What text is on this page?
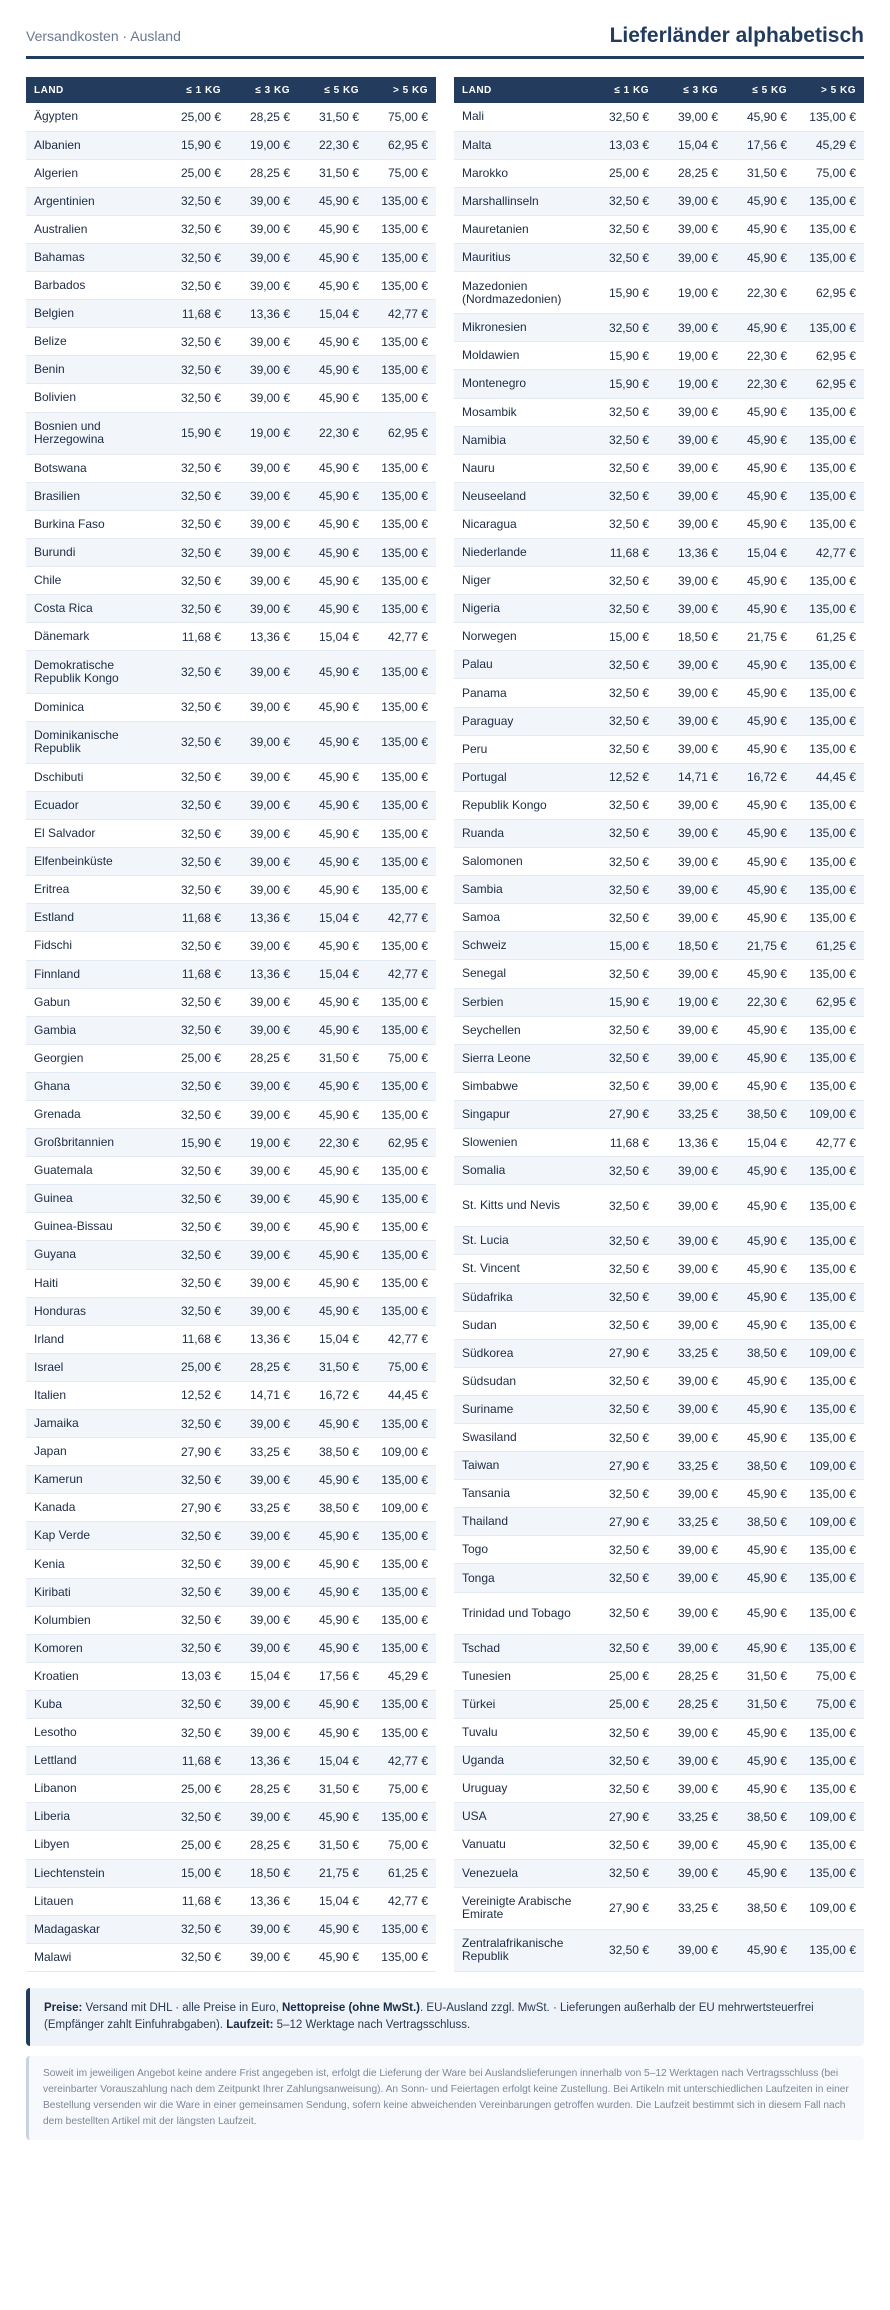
Versandkosten · Ausland	Lieferländer alphabetisch
LAND	≤ 1 KG	≤ 3 KG	≤ 5 KG	> 5 KG
Ägypten	25,00 €	28,25 €	31,50 €	75,00 €
Albanien	15,90 €	19,00 €	22,30 €	62,95 €
Algerien	25,00 €	28,25 €	31,50 €	75,00 €
Argentinien	32,50 €	39,00 €	45,90 €	135,00 €
Australien	32,50 €	39,00 €	45,90 €	135,00 €
Bahamas	32,50 €	39,00 €	45,90 €	135,00 €
Barbados	32,50 €	39,00 €	45,90 €	135,00 €
Belgien	11,68 €	13,36 €	15,04 €	42,77 €
Belize	32,50 €	39,00 €	45,90 €	135,00 €
Benin	32,50 €	39,00 €	45,90 €	135,00 €
Bolivien	32,50 €	39,00 €	45,90 €	135,00 €
Bosnien und Herzegowina	15,90 €	19,00 €	22,30 €	62,95 €
Botswana	32,50 €	39,00 €	45,90 €	135,00 €
Brasilien	32,50 €	39,00 €	45,90 €	135,00 €
Burkina Faso	32,50 €	39,00 €	45,90 €	135,00 €
Burundi	32,50 €	39,00 €	45,90 €	135,00 €
Chile	32,50 €	39,00 €	45,90 €	135,00 €
Costa Rica	32,50 €	39,00 €	45,90 €	135,00 €
Dänemark	11,68 €	13,36 €	15,04 €	42,77 €
Demokratische Republik Kongo	32,50 €	39,00 €	45,90 €	135,00 €
Dominica	32,50 €	39,00 €	45,90 €	135,00 €
Dominikanische Republik	32,50 €	39,00 €	45,90 €	135,00 €
Dschibuti	32,50 €	39,00 €	45,90 €	135,00 €
Ecuador	32,50 €	39,00 €	45,90 €	135,00 €
El Salvador	32,50 €	39,00 €	45,90 €	135,00 €
Elfenbeinküste	32,50 €	39,00 €	45,90 €	135,00 €
Eritrea	32,50 €	39,00 €	45,90 €	135,00 €
Estland	11,68 €	13,36 €	15,04 €	42,77 €
Fidschi	32,50 €	39,00 €	45,90 €	135,00 €
Finnland	11,68 €	13,36 €	15,04 €	42,77 €
Gabun	32,50 €	39,00 €	45,90 €	135,00 €
Gambia	32,50 €	39,00 €	45,90 €	135,00 €
Georgien	25,00 €	28,25 €	31,50 €	75,00 €
Ghana	32,50 €	39,00 €	45,90 €	135,00 €
Grenada	32,50 €	39,00 €	45,90 €	135,00 €
Großbritannien	15,90 €	19,00 €	22,30 €	62,95 €
Guatemala	32,50 €	39,00 €	45,90 €	135,00 €
Guinea	32,50 €	39,00 €	45,90 €	135,00 €
Guinea-Bissau	32,50 €	39,00 €	45,90 €	135,00 €
Guyana	32,50 €	39,00 €	45,90 €	135,00 €
Haiti	32,50 €	39,00 €	45,90 €	135,00 €
Honduras	32,50 €	39,00 €	45,90 €	135,00 €
Irland	11,68 €	13,36 €	15,04 €	42,77 €
Israel	25,00 €	28,25 €	31,50 €	75,00 €
Italien	12,52 €	14,71 €	16,72 €	44,45 €
Jamaika	32,50 €	39,00 €	45,90 €	135,00 €
Japan	27,90 €	33,25 €	38,50 €	109,00 €
Kamerun	32,50 €	39,00 €	45,90 €	135,00 €
Kanada	27,90 €	33,25 €	38,50 €	109,00 €
Kap Verde	32,50 €	39,00 €	45,90 €	135,00 €
Kenia	32,50 €	39,00 €	45,90 €	135,00 €
Kiribati	32,50 €	39,00 €	45,90 €	135,00 €
Kolumbien	32,50 €	39,00 €	45,90 €	135,00 €
Komoren	32,50 €	39,00 €	45,90 €	135,00 €
Kroatien	13,03 €	15,04 €	17,56 €	45,29 €
Kuba	32,50 €	39,00 €	45,90 €	135,00 €
Lesotho	32,50 €	39,00 €	45,90 €	135,00 €
Lettland	11,68 €	13,36 €	15,04 €	42,77 €
Libanon	25,00 €	28,25 €	31,50 €	75,00 €
Liberia	32,50 €	39,00 €	45,90 €	135,00 €
Libyen	25,00 €	28,25 €	31,50 €	75,00 €
Liechtenstein	15,00 €	18,50 €	21,75 €	61,25 €
Litauen	11,68 €	13,36 €	15,04 €	42,77 €
Madagaskar	32,50 €	39,00 €	45,90 €	135,00 €
Malawi	32,50 €	39,00 €	45,90 €	135,00 €
LAND	≤ 1 KG	≤ 3 KG	≤ 5 KG	> 5 KG
Mali	32,50 €	39,00 €	45,90 €	135,00 €
Malta	13,03 €	15,04 €	17,56 €	45,29 €
Marokko	25,00 €	28,25 €	31,50 €	75,00 €
Marshallinseln	32,50 €	39,00 €	45,90 €	135,00 €
Mauretanien	32,50 €	39,00 €	45,90 €	135,00 €
Mauritius	32,50 €	39,00 €	45,90 €	135,00 €
Mazedonien (Nordmazedonien)	15,90 €	19,00 €	22,30 €	62,95 €
Mikronesien	32,50 €	39,00 €	45,90 €	135,00 €
Moldawien	15,90 €	19,00 €	22,30 €	62,95 €
Montenegro	15,90 €	19,00 €	22,30 €	62,95 €
Mosambik	32,50 €	39,00 €	45,90 €	135,00 €
Namibia	32,50 €	39,00 €	45,90 €	135,00 €
Nauru	32,50 €	39,00 €	45,90 €	135,00 €
Neuseeland	32,50 €	39,00 €	45,90 €	135,00 €
Nicaragua	32,50 €	39,00 €	45,90 €	135,00 €
Niederlande	11,68 €	13,36 €	15,04 €	42,77 €
Niger	32,50 €	39,00 €	45,90 €	135,00 €
Nigeria	32,50 €	39,00 €	45,90 €	135,00 €
Norwegen	15,00 €	18,50 €	21,75 €	61,25 €
Palau	32,50 €	39,00 €	45,90 €	135,00 €
Panama	32,50 €	39,00 €	45,90 €	135,00 €
Paraguay	32,50 €	39,00 €	45,90 €	135,00 €
Peru	32,50 €	39,00 €	45,90 €	135,00 €
Portugal	12,52 €	14,71 €	16,72 €	44,45 €
Republik Kongo	32,50 €	39,00 €	45,90 €	135,00 €
Ruanda	32,50 €	39,00 €	45,90 €	135,00 €
Salomonen	32,50 €	39,00 €	45,90 €	135,00 €
Sambia	32,50 €	39,00 €	45,90 €	135,00 €
Samoa	32,50 €	39,00 €	45,90 €	135,00 €
Schweiz	15,00 €	18,50 €	21,75 €	61,25 €
Senegal	32,50 €	39,00 €	45,90 €	135,00 €
Serbien	15,90 €	19,00 €	22,30 €	62,95 €
Seychellen	32,50 €	39,00 €	45,90 €	135,00 €
Sierra Leone	32,50 €	39,00 €	45,90 €	135,00 €
Simbabwe	32,50 €	39,00 €	45,90 €	135,00 €
Singapur	27,90 €	33,25 €	38,50 €	109,00 €
Slowenien	11,68 €	13,36 €	15,04 €	42,77 €
Somalia	32,50 €	39,00 €	45,90 €	135,00 €
St. Kitts und Nevis	32,50 €	39,00 €	45,90 €	135,00 €
St. Lucia	32,50 €	39,00 €	45,90 €	135,00 €
St. Vincent	32,50 €	39,00 €	45,90 €	135,00 €
Südafrika	32,50 €	39,00 €	45,90 €	135,00 €
Sudan	32,50 €	39,00 €	45,90 €	135,00 €
Südkorea	27,90 €	33,25 €	38,50 €	109,00 €
Südsudan	32,50 €	39,00 €	45,90 €	135,00 €
Suriname	32,50 €	39,00 €	45,90 €	135,00 €
Swasiland	32,50 €	39,00 €	45,90 €	135,00 €
Taiwan	27,90 €	33,25 €	38,50 €	109,00 €
Tansania	32,50 €	39,00 €	45,90 €	135,00 €
Thailand	27,90 €	33,25 €	38,50 €	109,00 €
Togo	32,50 €	39,00 €	45,90 €	135,00 €
Tonga	32,50 €	39,00 €	45,90 €	135,00 €
Trinidad und Tobago	32,50 €	39,00 €	45,90 €	135,00 €
Tschad	32,50 €	39,00 €	45,90 €	135,00 €
Tunesien	25,00 €	28,25 €	31,50 €	75,00 €
Türkei	25,00 €	28,25 €	31,50 €	75,00 €
Tuvalu	32,50 €	39,00 €	45,90 €	135,00 €
Uganda	32,50 €	39,00 €	45,90 €	135,00 €
Uruguay	32,50 €	39,00 €	45,90 €	135,00 €
USA	27,90 €	33,25 €	38,50 €	109,00 €
Vanuatu	32,50 €	39,00 €	45,90 €	135,00 €
Venezuela	32,50 €	39,00 €	45,90 €	135,00 €
Vereinigte Arabische Emirate	27,90 €	33,25 €	38,50 €	109,00 €
Zentralafrikanische Republik	32,50 €	39,00 €	45,90 €	135,00 €
Preise: Versand mit DHL · alle Preise in Euro, Nettopreise (ohne MwSt.). EU-Ausland zzgl. MwSt. · Lieferungen außerhalb der EU mehrwertsteuerfrei (Empfänger zahlt Einfuhrabgaben). Laufzeit: 5–12 Werktage nach Vertragsschluss.
Soweit im jeweiligen Angebot keine andere Frist angegeben ist, erfolgt die Lieferung der Ware bei Auslandslieferungen innerhalb von 5–12 Werktagen nach Vertragsschluss (bei vereinbarter Vorauszahlung nach dem Zeitpunkt Ihrer Zahlungsanweisung). An Sonn- und Feiertagen erfolgt keine Zustellung. Bei Artikeln mit unterschiedlichen Laufzeiten in einer Bestellung versenden wir die Ware in einer gemeinsamen Sendung, sofern keine abweichenden Vereinbarungen getroffen wurden. Die Laufzeit bestimmt sich in diesem Fall nach dem bestellten Artikel mit der längsten Laufzeit.
